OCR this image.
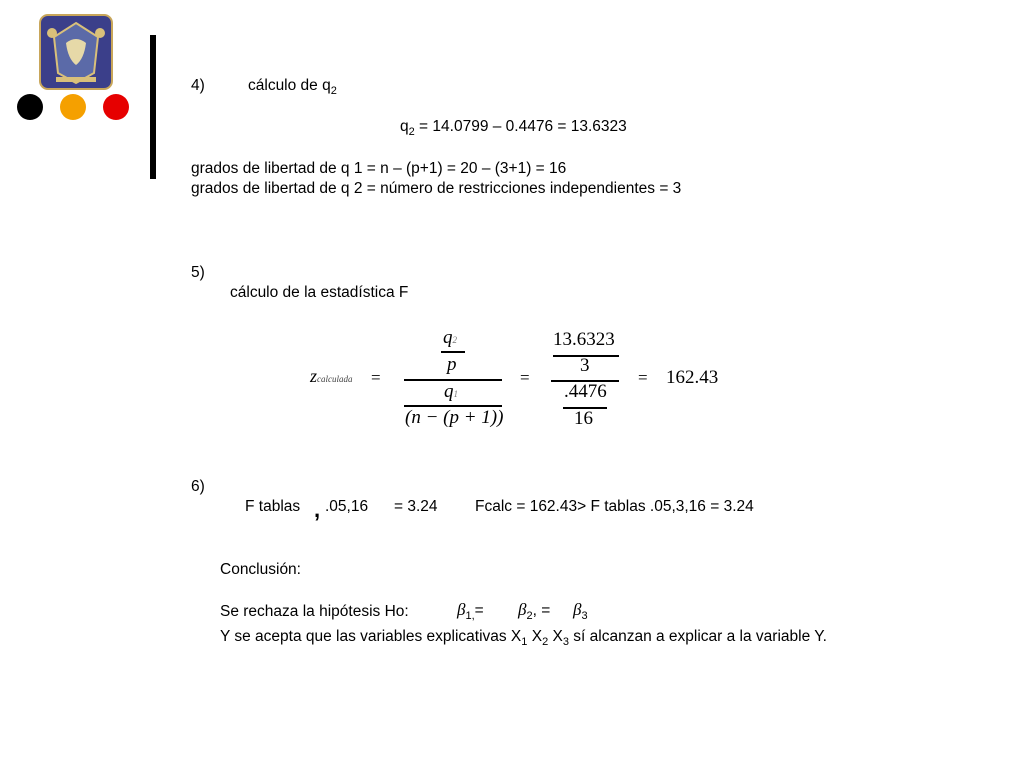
4)	cálculo de $q_2$
$q_2 = 14.0799 - 0.4476 = 13.6323$
grados de libertad de q 1 = n – (p+1) = 20 – (3+1) = 16
grados de libertad de q 2 = número de restricciones independientes = 3
5)
cálculo de la estadística F
zcalculada =
q2
p
q1
(n − (p + 1))
=
13.6323
3
.4476
16
= 162.43
6)
F tablas , .05,16 = 3.24 Fcalc = 162.43> F tablas .05,3,16 = 3.24
Conclusión:
Se rechaza la hipótesis Ho:	$\beta_{1,}= \beta_2$, = $\beta_3$
Y se acepta que las variables explicativas $X_1$ $X_2$ $X_3$ sí alcanzan a explicar a la variable Y.
